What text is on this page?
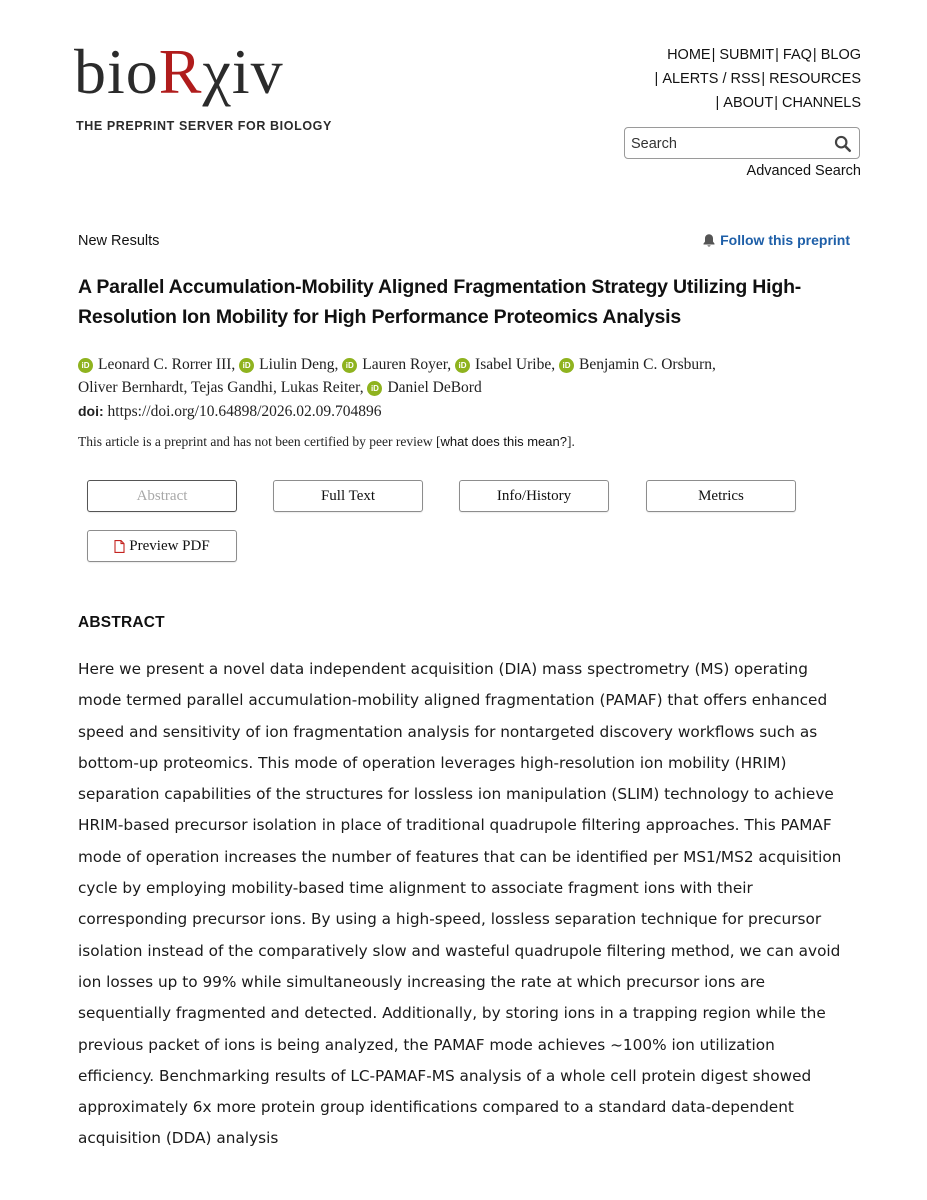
bioRχiv
THE PREPRINT SERVER FOR BIOLOGY
HOME| SUBMIT| FAQ| BLOG
| ALERTS / RSS| RESOURCES
| ABOUT| CHANNELS
Search
Advanced Search
New Results	Follow this preprint
A Parallel Accumulation-Mobility Aligned Fragmentation Strategy Utilizing High-Resolution Ion Mobility for High Performance Proteomics Analysis
iD Leonard C. Rorrer III, iD Liulin Deng, iD Lauren Royer, iD Isabel Uribe, iD Benjamin C. Orsburn,
Oliver Bernhardt, Tejas Gandhi, Lukas Reiter, iD Daniel DeBord
doi: https://doi.org/10.64898/2026.02.09.704896
This article is a preprint and has not been certified by peer review [what does this mean?].
Abstract	Full Text	Info/History	Metrics
Preview PDF
ABSTRACT
Here we present a novel data independent acquisition (DIA) mass spectrometry (MS) operating mode termed parallel accumulation-mobility aligned fragmentation (PAMAF) that offers enhanced speed and sensitivity of ion fragmentation analysis for nontargeted discovery workflows such as bottom-up proteomics. This mode of operation leverages high-resolution ion mobility (HRIM) separation capabilities of the structures for lossless ion manipulation (SLIM) technology to achieve HRIM-based precursor isolation in place of traditional quadrupole filtering approaches. This PAMAF mode of operation increases the number of features that can be identified per MS1/MS2 acquisition cycle by employing mobility-based time alignment to associate fragment ions with their corresponding precursor ions. By using a high-speed, lossless separation technique for precursor isolation instead of the comparatively slow and wasteful quadrupole filtering method, we can avoid ion losses up to 99% while simultaneously increasing the rate at which precursor ions are sequentially fragmented and detected. Additionally, by storing ions in a trapping region while the previous packet of ions is being analyzed, the PAMAF mode achieves ~100% ion utilization efficiency. Benchmarking results of LC-PAMAF-MS analysis of a whole cell protein digest showed approximately 6x more protein group identifications compared to a standard data-dependent acquisition (DDA) analysis
